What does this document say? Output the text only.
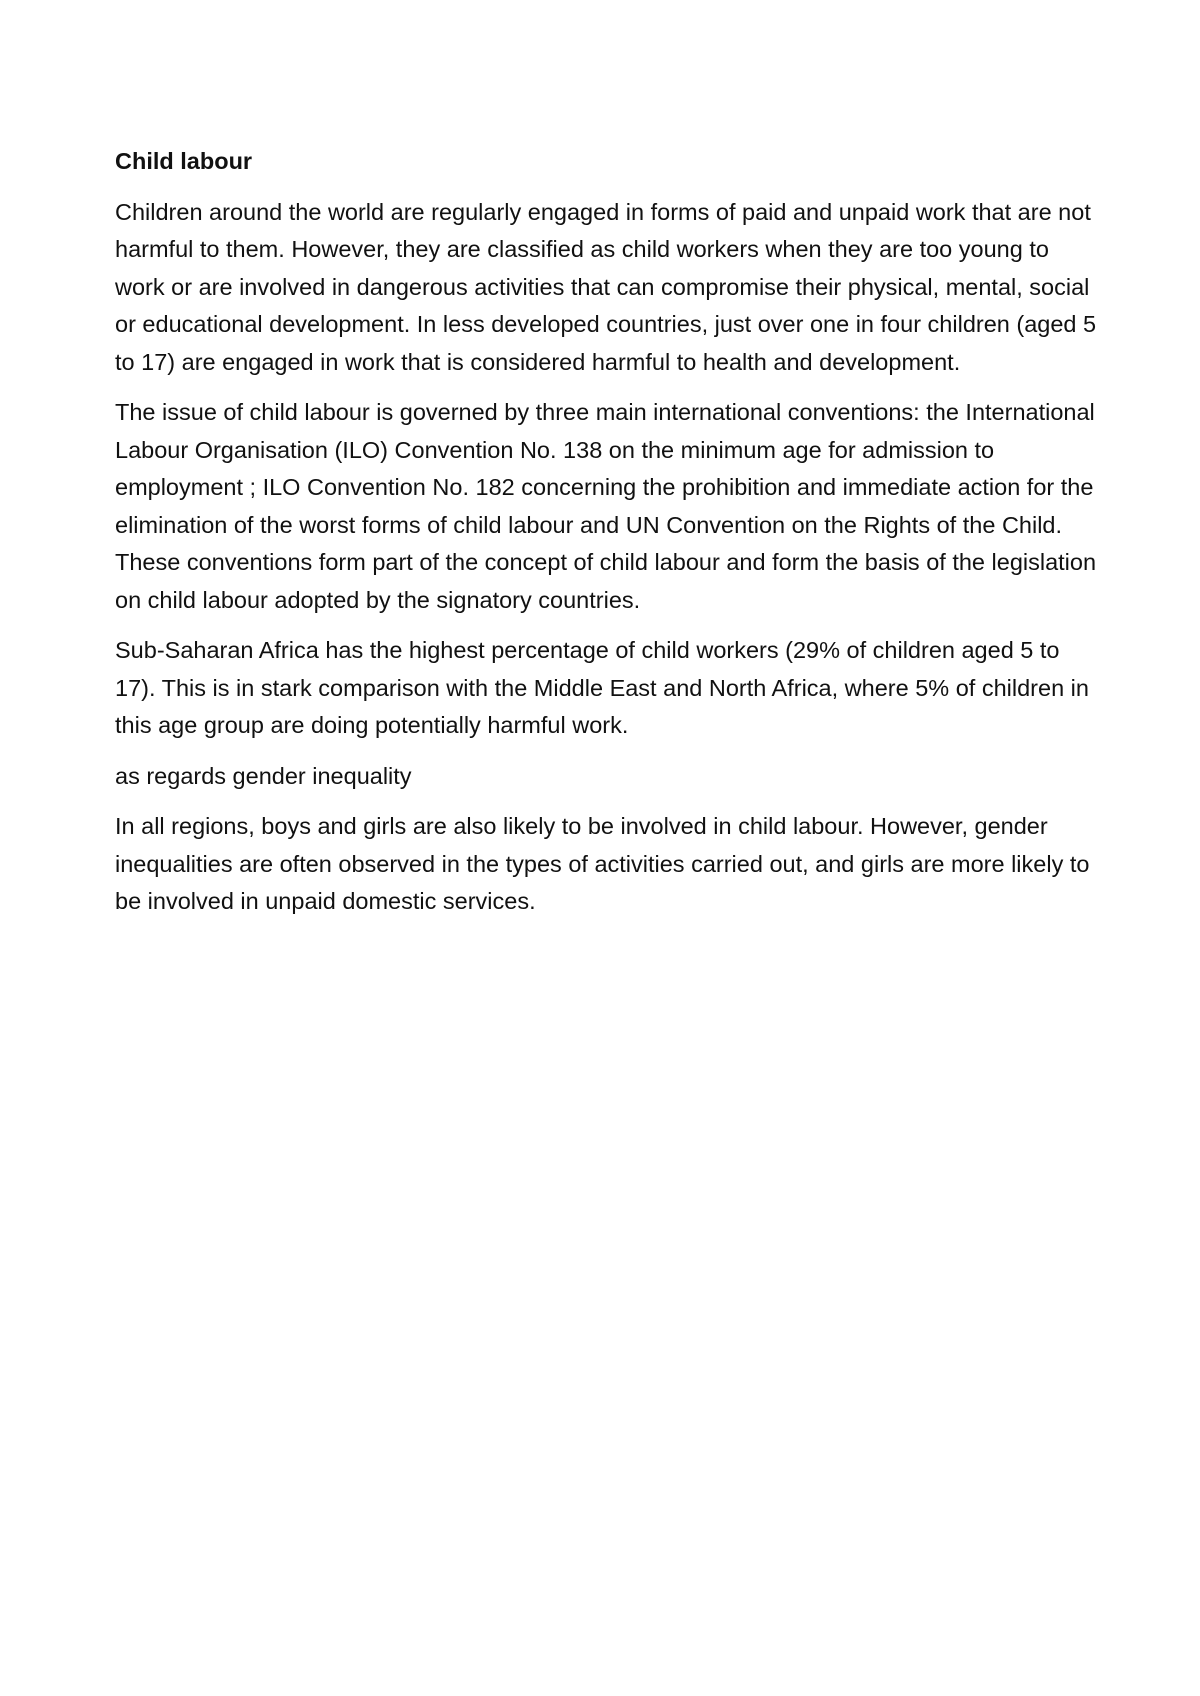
Child labour

Children around the world are regularly engaged in forms of paid and unpaid work that are not harmful to them. However, they are classified as child workers when they are too young to work or are involved in dangerous activities that can compromise their physical, mental, social or educational development. In less developed countries, just over one in four children (aged 5 to 17) are engaged in work that is considered harmful to health and development.

The issue of child labour is governed by three main international conventions: the International Labour Organisation (ILO) Convention No. 138 on the minimum age for admission to employment ; ILO Convention No. 182 concerning the prohibition and immediate action for the elimination of the worst forms of child labour and UN Convention on the Rights of the Child. These conventions form part of the concept of child labour and form the basis of the legislation on child labour adopted by the signatory countries.

Sub-Saharan Africa has the highest percentage of child workers (29% of children aged 5 to 17). This is in stark comparison with the Middle East and North Africa, where 5% of children in this age group are doing potentially harmful work.

as regards gender inequality

In all regions, boys and girls are also likely to be involved in child labour. However, gender inequalities are often observed in the types of activities carried out, and girls are more likely to be involved in unpaid domestic services.
